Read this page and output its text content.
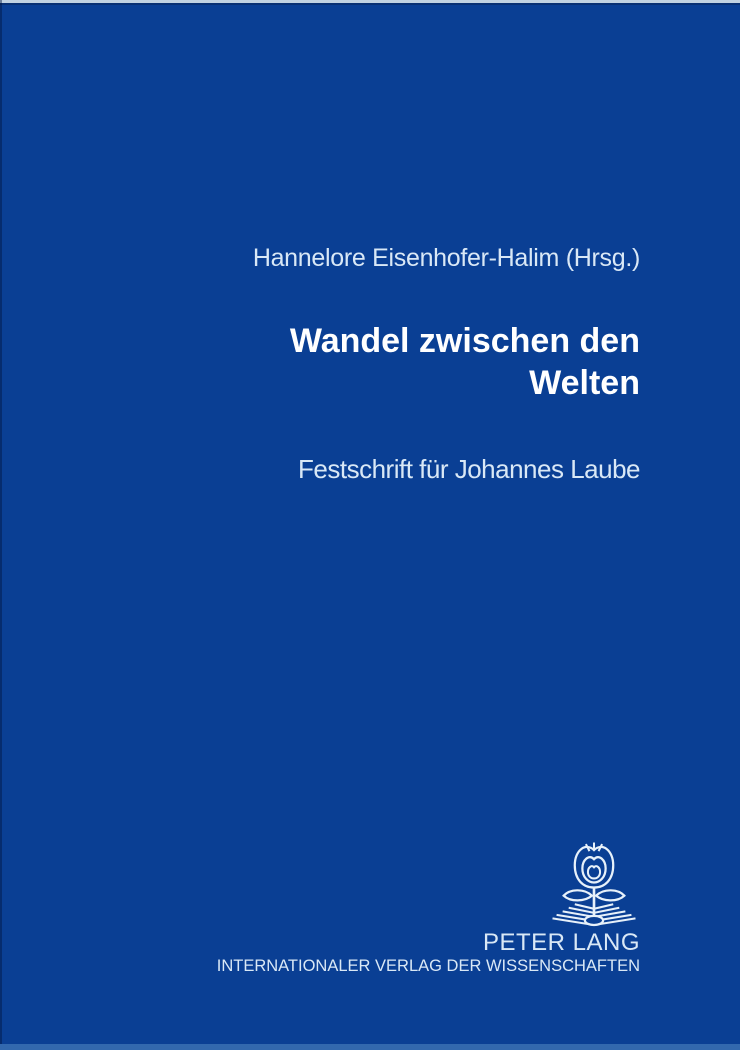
Hannelore Eisenhofer-Halim (Hrsg.)
Wandel zwischen den
Welten
Festschrift für Johannes Laube
PETER LANG
INTERNATIONALER VERLAG DER WISSENSCHAFTEN
